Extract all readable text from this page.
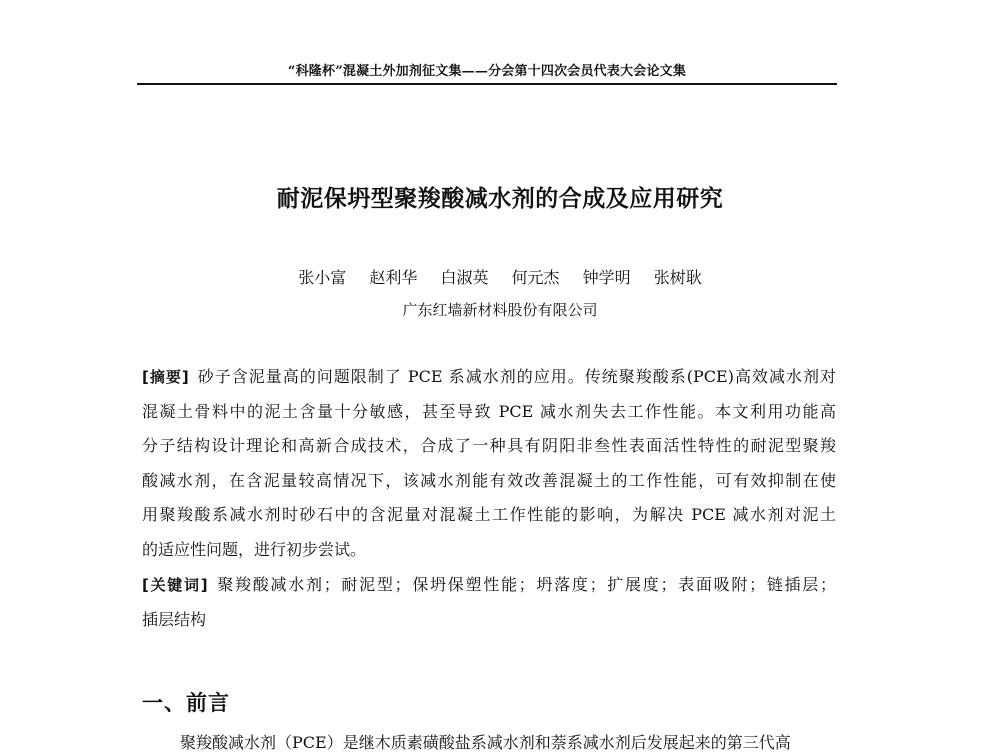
“科隆杯”混凝土外加剂征文集——分会第十四次会员代表大会论文集
耐泥保坍型聚羧酸减水剂的合成及应用研究
张小富 赵利华 白淑英 何元杰 钟学明 张树耿
广东红墙新材料股份有限公司
[摘要] 砂子含泥量高的问题限制了 PCE 系减水剂的应用。传统聚羧酸系(PCE)高效减水剂对
混凝土骨料中的泥土含量十分敏感，甚至导致 PCE 减水剂失去工作性能。本文利用功能高
分子结构设计理论和高新合成技术，合成了一种具有阴阳非叁性表面活性特性的耐泥型聚羧
酸减水剂，在含泥量较高情况下，该减水剂能有效改善混凝土的工作性能，可有效抑制在使
用聚羧酸系减水剂时砂石中的含泥量对混凝土工作性能的影响，为解决 PCE 减水剂对泥土
的适应性问题，进行初步尝试。
[关键词] 聚羧酸减水剂；耐泥型；保坍保塑性能；坍落度；扩展度；表面吸附；链插层；
插层结构
一、前言
聚羧酸减水剂（PCE）是继木质素磺酸盐系减水剂和萘系减水剂后发展起来的第三代高
